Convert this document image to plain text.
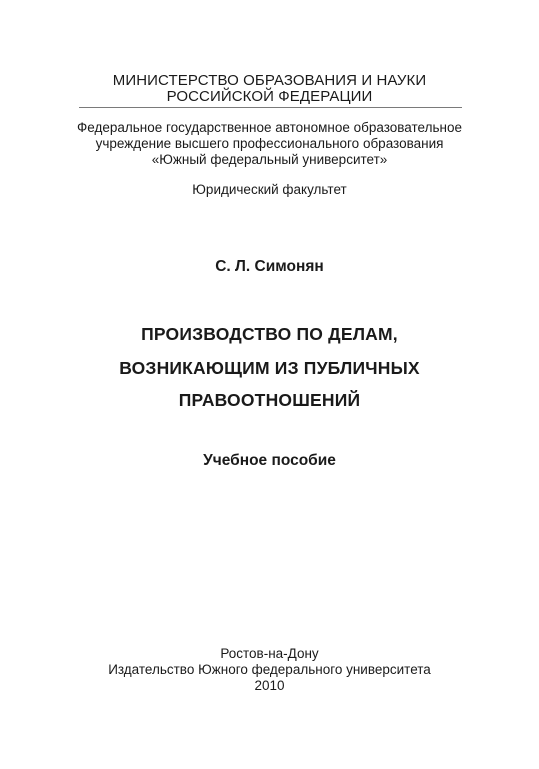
МИНИСТЕРСТВО ОБРАЗОВАНИЯ И НАУКИ
РОССИЙСКОЙ ФЕДЕРАЦИИ
Федеральное государственное автономное образовательное
учреждение высшего профессионального образования
«Южный федеральный университет»
Юридический факультет
С. Л. Симонян
ПРОИЗВОДСТВО ПО ДЕЛАМ,
ВОЗНИКАЮЩИМ ИЗ ПУБЛИЧНЫХ
ПРАВООТНОШЕНИЙ
Учебное пособие
Ростов-на-Дону
Издательство Южного федерального университета
2010
